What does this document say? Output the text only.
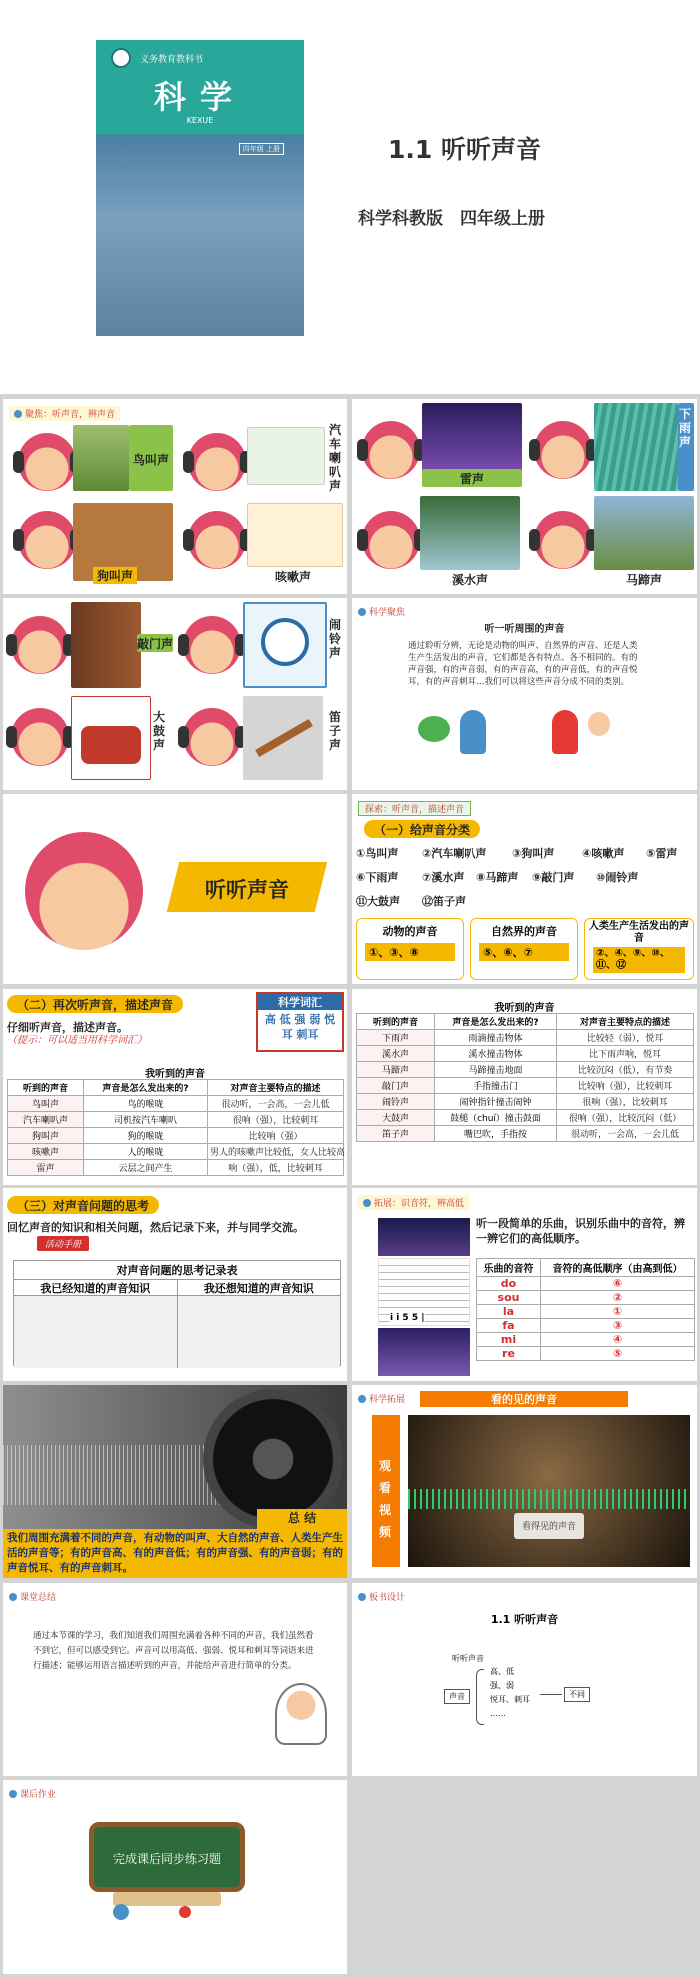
义务教育教科书
科学
KEXUE
四年级 上册	1.1 听听声音
科学科教版　四年级上册
聚焦：听声音，辨声音
鸟叫声
汽车喇叭声
狗叫声	咳嗽声
雷声
下雨声
溪水声	马蹄声
敲门声
闹铃声
大鼓声
笛子声
科学聚焦
听一听周围的声音
通过聆听分辨，无论是动物的叫声、自然界的声音、还是人类生产生活发出的声音，它们都是各有特点、各不相同的。有的声音强，有的声音弱，有的声音高，有的声音低，有的声音悦耳，有的声音刺耳…我们可以将这些声音分成不同的类别。
听听声音
探索：听声音，描述声音
（一）给声音分类
①鸟叫声 ②汽车喇叭声 ③狗叫声	④咳嗽声 ⑤雷声
⑥下雨声 ⑦溪水声 ⑧马蹄声 ⑨敲门声 ⑩闹铃声
⑪大鼓声 ⑫笛子声
动物的声音
①、③、⑧
自然界的声音
⑤、⑥、⑦
人类生产生活发出的声音
②、④、⑨、⑩、⑪、⑫
（二）再次听声音，描述声音	科学词汇
高 低 强 弱 悦耳 刺耳
仔细听声音，描述声音。
（提示：可以适当用科学词汇）
我听到的声音
听到的声音	声音是怎么发出来的?	对声音主要特点的描述
鸟叫声	鸟的喉咙	很动听，一会高，一会儿低
汽车喇叭声	司机按汽车喇叭	很响（强），比较刺耳
狗叫声	狗的喉咙	比较响（强）
咳嗽声	人的喉咙	男人的咳嗽声比较低，女人比较高
雷声	云层之间产生	响（强），低，比较刺耳
我听到的声音
听到的声音	声音是怎么发出来的?	对声音主要特点的描述
下雨声	雨滴撞击物体	比较轻（弱），悦耳
溪水声	溪水撞击物体	比下雨声响，悦耳
马蹄声	马蹄撞击地面	比较沉闷（低），有节奏
敲门声	手指撞击门	比较响（强），比较刺耳
闹铃声	闹钟指针撞击闹钟	很响（强），比较刺耳
大鼓声	鼓槌（chuí）撞击鼓面	很响（强），比较沉闷（低）
笛子声	嘴巴吹，手指按	很动听，一会高，一会儿低
（三）对声音问题的思考
回忆声音的知识和相关问题，然后记录下来，并与同学交流。
活动手册
对声音问题的思考记录表
我已经知道的声音知识	我还想知道的声音知识
拓展：识音符，辨高低
i i 5 5 |
听一段简单的乐曲，识别乐曲中的音符，辨一辨它们的高低顺序。
乐曲的音符	音符的高低顺序（由高到低）
do	⑥
sou	②
la	①
fa	③
mi	④
re	⑤
总 结
我们周围充满着不同的声音，有动物的叫声、大自然的声音、人类生产生活的声音等；有的声音高、有的声音低；有的声音强、有的声音弱；有的声音悦耳、有的声音刺耳。
科学拓展	看的见的声音
观看视频	看得见的声音
课堂总结
通过本节课的学习，我们知道我们周围充满着各种不同的声音，我们虽然看不到它，但可以感受到它。声音可以用高低、强弱、悦耳和刺耳等词语来进行描述；能够运用语言描述听到的声音，并能给声音进行简单的分类。
板书设计
1.1 听听声音
听听声音
声音
高、低
强、弱
悦耳、刺耳
……
不同
课后作业
完成课后同步练习题
